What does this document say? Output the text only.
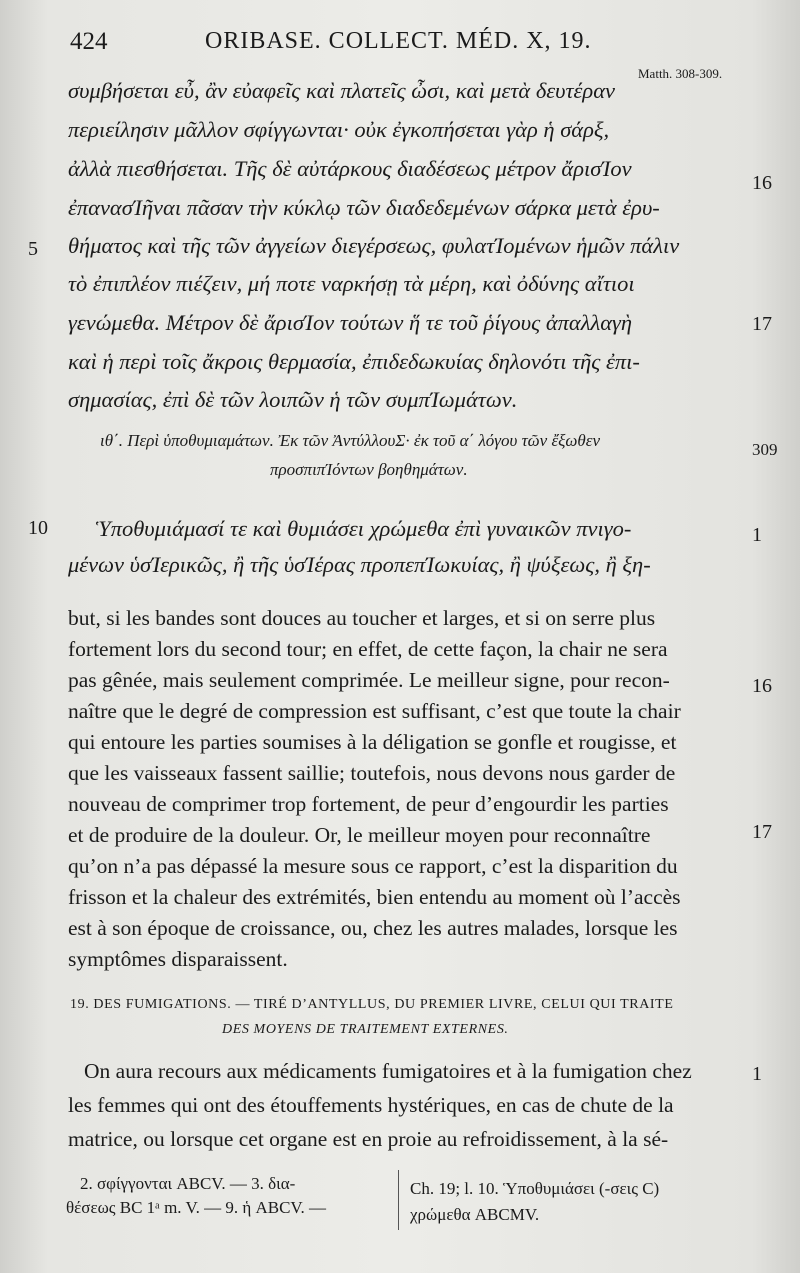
424	ORIBASE. COLLECT. MÉD. X, 19.
Matth. 308-309.
συμβήσεται εὖ, ἂν εὐαφεῖς καὶ πλατεῖς ὦσι, καὶ μετὰ δευτέραν
περιείλησιν μᾶλλον σφίγγωνται· οὐκ ἐγκοπήσεται γὰρ ἡ σάρξ,
ἀλλὰ πιεσθήσεται. Τῆς δὲ αὐτάρκους διαδέσεως μέτρον ἄρισΊον
ἐπανασΊῆναι πᾶσαν τὴν κύκλῳ τῶν διαδεδεμένων σάρκα μετὰ ἐρυ-
θήματος καὶ τῆς τῶν ἀγγείων διεγέρσεως, φυλατΊομένων ἡμῶν πάλιν
τὸ ἐπιπλέον πιέζειν, μή ποτε ναρκήσῃ τὰ μέρη, καὶ ὀδύνης αἴτιοι
γενώμεθα. Μέτρον δὲ ἄρισΊον τούτων ἥ τε τοῦ ῥίγους ἀπαλλαγὴ
καὶ ἡ περὶ τοῖς ἄκροις θερμασία, ἐπιδεδωκυίας δηλονότι τῆς ἐπι-
σημασίας, ἐπὶ δὲ τῶν λοιπῶν ἡ τῶν συμπΊωμάτων.
5
16
17
ιθ΄. Περὶ ὑποθυμιαμάτων. Ἐκ τῶν ἈντύλλουΣ· ἐκ τοῦ α΄ λόγου τῶν ἔξωθεν
προσπιπΊόντων βοηθημάτων.
309
Ὑποθυμιάμασί τε καὶ θυμιάσει χρώμεθα ἐπὶ γυναικῶν πνιγο-
μένων ὑσΊερικῶς, ἢ τῆς ὑσΊέρας προπεπΊωκυίας, ἢ ψύξεως, ἢ ξη-
10	1
but, si les bandes sont douces au toucher et larges, et si on serre plus
fortement lors du second tour; en effet, de cette façon, la chair ne sera
pas gênée, mais seulement comprimée. Le meilleur signe, pour recon-
naître que le degré de compression est suffisant, c’est que toute la chair
qui entoure les parties soumises à la déligation se gonfle et rougisse, et
que les vaisseaux fassent saillie; toutefois, nous devons nous garder de
nouveau de comprimer trop fortement, de peur d’engourdir les parties
et de produire de la douleur. Or, le meilleur moyen pour reconnaître
qu’on n’a pas dépassé la mesure sous ce rapport, c’est la disparition du
frisson et la chaleur des extrémités, bien entendu au moment où l’accès
est à son époque de croissance, ou, chez les autres malades, lorsque les
symptômes disparaissent.
16
17
19. DES FUMIGATIONS. — TIRÉ D’ANTYLLUS, DU PREMIER LIVRE, CELUI QUI TRAITE
DES MOYENS DE TRAITEMENT EXTERNES.
On aura recours aux médicaments fumigatoires et à la fumigation chez
les femmes qui ont des étouffements hystériques, en cas de chute de la
matrice, ou lorsque cet organe est en proie au refroidissement, à la sé-
1
2. σφίγγονται ABCV. — 3. δια-
θέσεως BC 1ᵃ m. V. — 9. ἡ ABCV. —
Ch. 19; l. 10. Ὑποθυμιάσει (-σεις C)
χρώμεθα ABCMV.
